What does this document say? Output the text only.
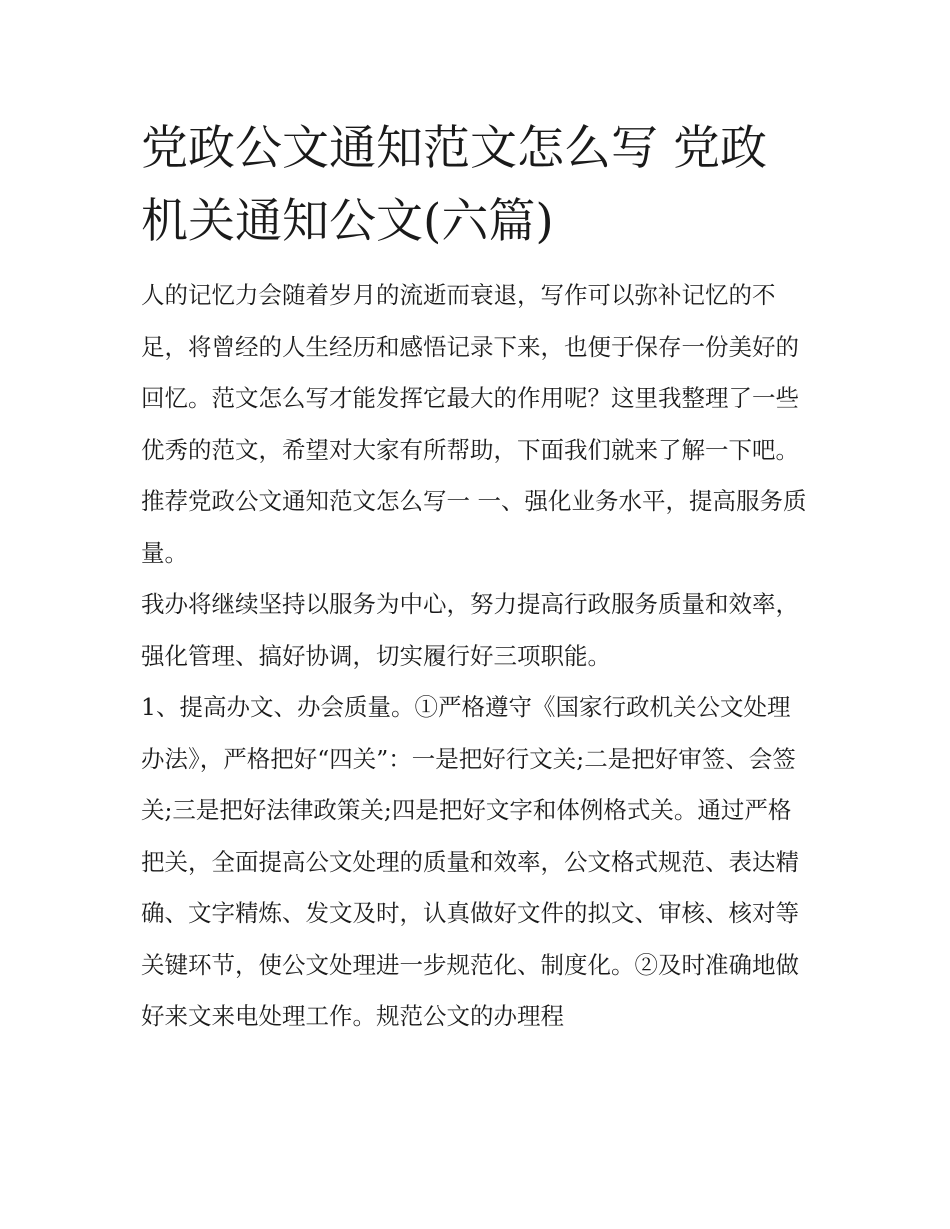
党政公文通知范文怎么写 党政机关通知公文(六篇)

人的记忆力会随着岁月的流逝而衰退，写作可以弥补记忆的不足，将曾经的人生经历和感悟记录下来，也便于保存一份美好的回忆。范文怎么写才能发挥它最大的作用呢？这里我整理了一些优秀的范文，希望对大家有所帮助，下面我们就来了解一下吧。

推荐党政公文通知范文怎么写一 一、强化业务水平，提高服务质量。

我办将继续坚持以服务为中心，努力提高行政服务质量和效率，强化管理、搞好协调，切实履行好三项职能。

1、提高办文、办会质量。①严格遵守《国家行政机关公文处理办法》，严格把好“四关”：一是把好行文关;二是把好审签、会签关;三是把好法律政策关;四是把好文字和体例格式关。通过严格把关，全面提高公文处理的质量和效率，公文格式规范、表达精确、文字精炼、发文及时，认真做好文件的拟文、审核、核对等关键环节，使公文处理进一步规范化、制度化。②及时准确地做好来文来电处理工作。规范公文的办理程
